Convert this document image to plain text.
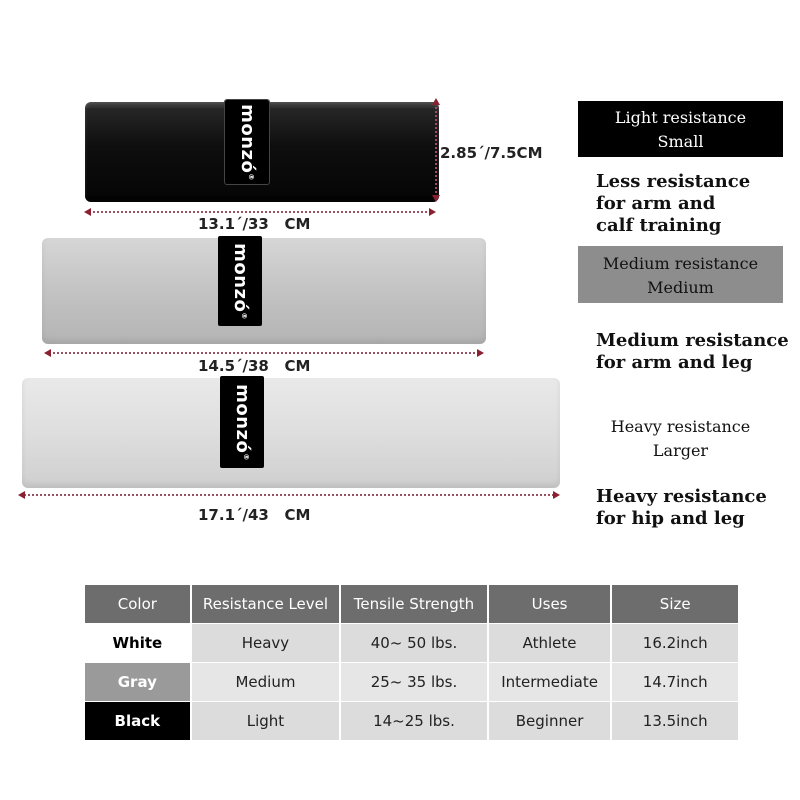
monzó®
monzó®
monzó®
2.85´/7.5CM
13.1´/33   CM
14.5´/38   CM
17.1´/43   CM
Light resistance
Small
Less resistance
for arm and
calf training
Medium resistance
Medium
Medium resistance
for arm and leg
Heavy resistance
Larger
Heavy resistance
for hip and leg
Color	Resistance Level	Tensile Strength	Uses	Size
White	Heavy	40~ 50 lbs.	Athlete	16.2inch
Gray	Medium	25~ 35 lbs.	Intermediate	14.7inch
Black	Light	14~25 lbs.	Beginner	13.5inch
